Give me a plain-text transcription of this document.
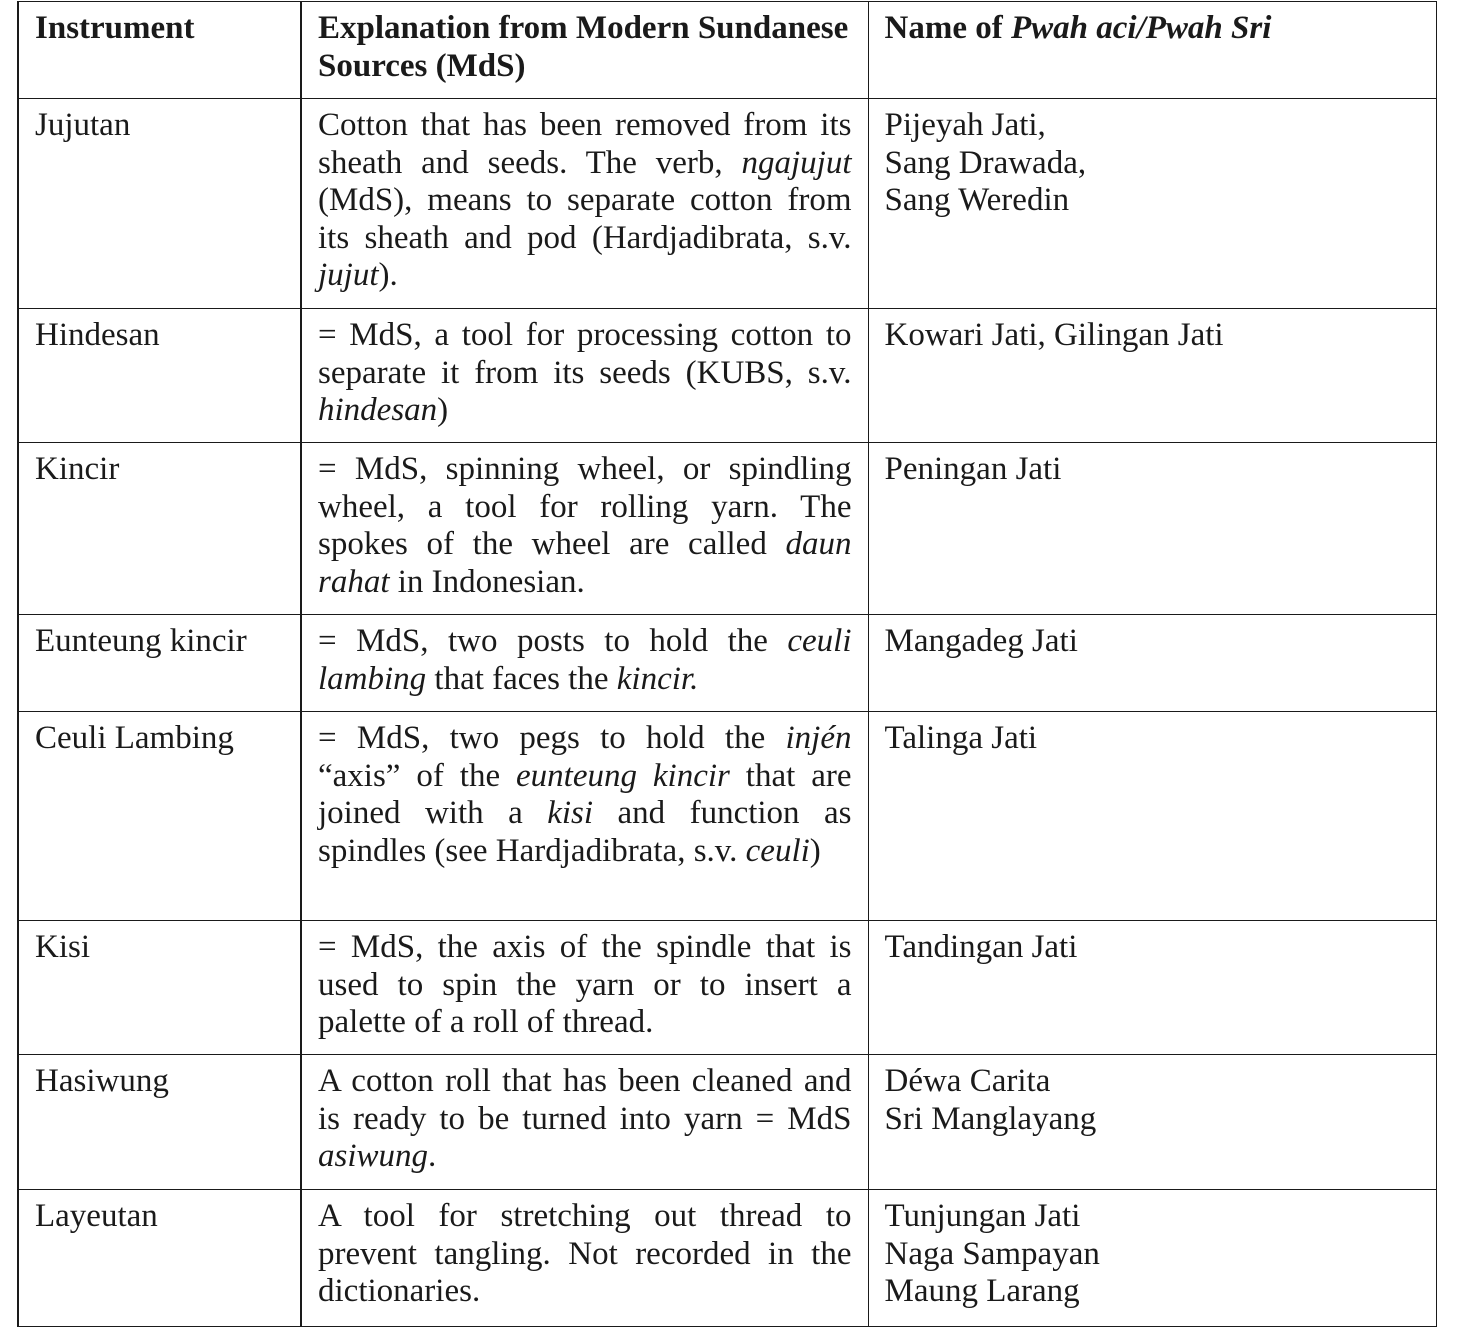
Instrument	Explanation from Modern Sundanese Sources (MdS)	Name of Pwah aci/Pwah Sri
Jujutan	Cotton that has been removed from its sheath and seeds. The verb, ngajujut (MdS), means to separate cotton from its sheath and pod (Hardjadibrata, s.v. jujut).	Pijeyah Jati,
Sang Drawada,
Sang Weredin

Hindesan	= MdS, a tool for processing cotton to separate it from its seeds (KUBS, s.v. hindesan)	Kowari Jati, Gilingan Jati

Kincir	= MdS, spinning wheel, or spindling wheel, a tool for rolling yarn. The spokes of the wheel are called daun rahat in Indonesian.	Peningan Jati

Eunteung kincir	= MdS, two posts to hold the ceuli lambing that faces the kincir.	Mangadeg Jati

Ceuli Lambing	= MdS, two pegs to hold the injén “axis” of the eunteung kincir that are joined with a kisi and function as spindles (see Hardjadibrata, s.v. ceuli)	Talinga Jati

Kisi	= MdS, the axis of the spindle that is used to spin the yarn or to insert a palette of a roll of thread.	Tandingan Jati

Hasiwung	A cotton roll that has been cleaned and is ready to be turned into yarn = MdS asiwung.	Déwa Carita
Sri Manglayang

Layeutan	A tool for stretching out thread to prevent tangling. Not recorded in the dictionaries.	Tunjungan Jati
Naga Sampayan
Maung Larang
